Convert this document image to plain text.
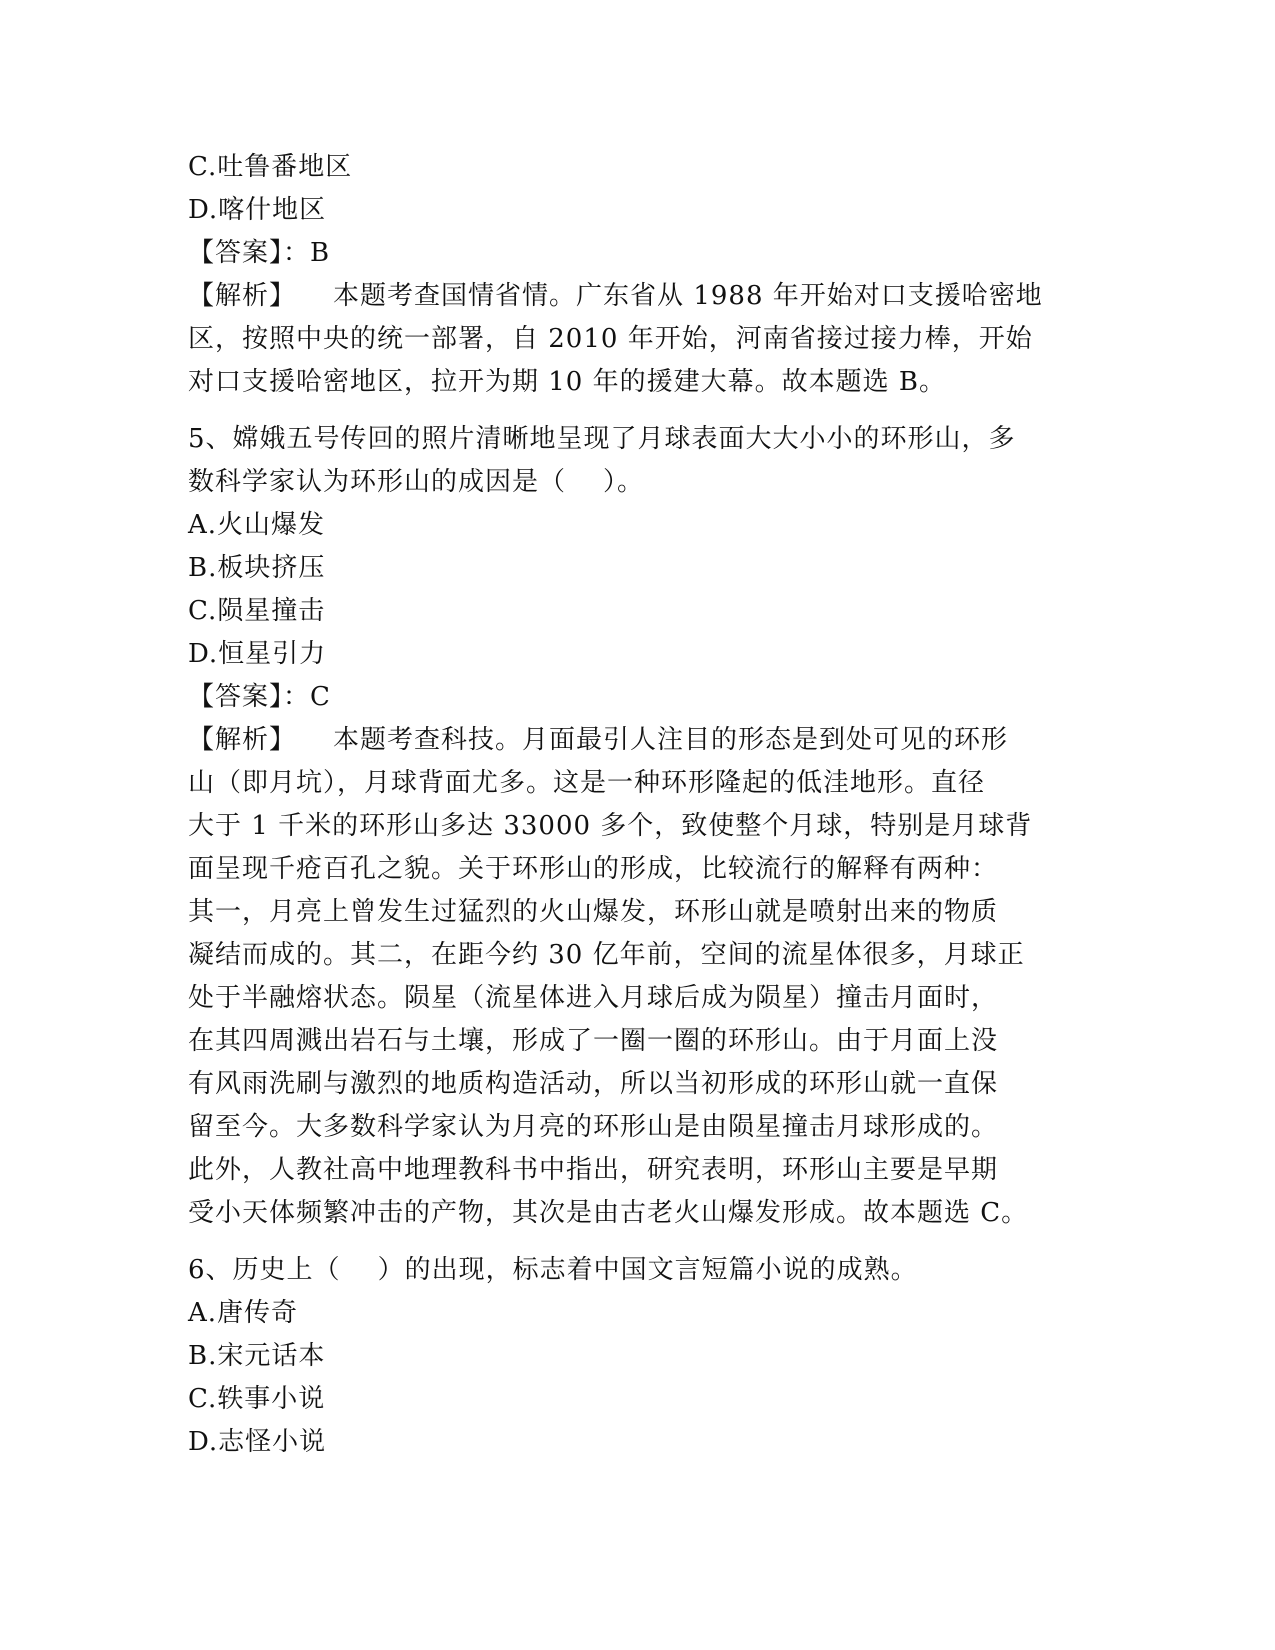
C.吐鲁番地区
D.喀什地区
【答案】：B
【解析】    本题考查国情省情。广东省从 1988 年开始对口支援哈密地
区，按照中央的统一部署，自 2010 年开始，河南省接过接力棒，开始
对口支援哈密地区，拉开为期 10 年的援建大幕。故本题选 B。
5、嫦娥五号传回的照片清晰地呈现了月球表面大大小小的环形山，多
数科学家认为环形山的成因是（    ）。
A.火山爆发
B.板块挤压
C.陨星撞击
D.恒星引力
【答案】：C
【解析】    本题考查科技。月面最引人注目的形态是到处可见的环形
山（即月坑），月球背面尤多。这是一种环形隆起的低洼地形。直径
大于 1 千米的环形山多达 33000 多个，致使整个月球，特别是月球背
面呈现千疮百孔之貌。关于环形山的形成，比较流行的解释有两种：
其一，月亮上曾发生过猛烈的火山爆发，环形山就是喷射出来的物质
凝结而成的。其二，在距今约 30 亿年前，空间的流星体很多，月球正
处于半融熔状态。陨星（流星体进入月球后成为陨星）撞击月面时，
在其四周溅出岩石与土壤，形成了一圈一圈的环形山。由于月面上没
有风雨洗刷与激烈的地质构造活动，所以当初形成的环形山就一直保
留至今。大多数科学家认为月亮的环形山是由陨星撞击月球形成的。
此外，人教社高中地理教科书中指出，研究表明，环形山主要是早期
受小天体频繁冲击的产物，其次是由古老火山爆发形成。故本题选 C。
6、历史上（    ）的出现，标志着中国文言短篇小说的成熟。
A.唐传奇
B.宋元话本
C.轶事小说
D.志怪小说
